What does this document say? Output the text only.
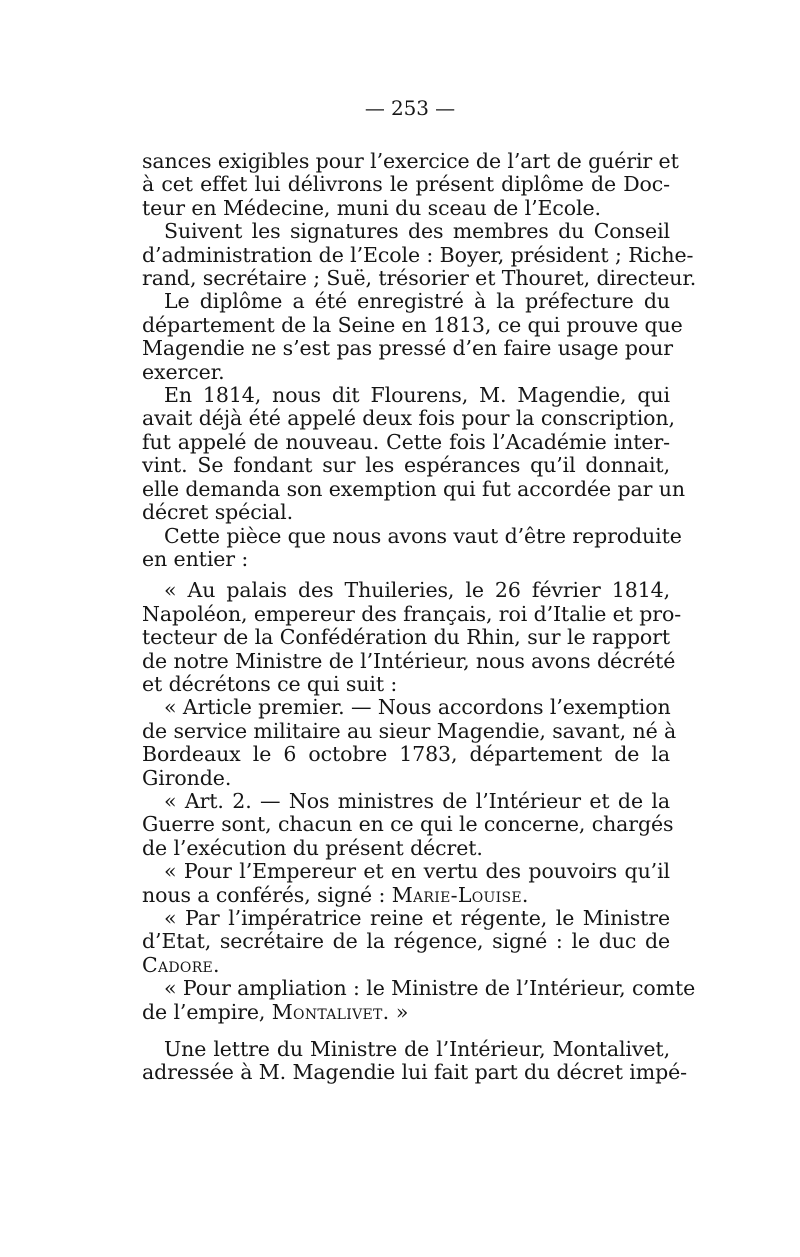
— 253 —
sances exigibles pour l’exercice de l’art de guérir et
à cet effet lui délivrons le présent diplôme de Doc-
teur en Médecine, muni du sceau de l’Ecole.
Suivent les signatures des membres du Conseil
d’administration de l’Ecole : Boyer, président ; Riche-
rand, secrétaire ; Suë, trésorier et Thouret, directeur.
Le diplôme a été enregistré à la préfecture du
département de la Seine en 1813, ce qui prouve que
Magendie ne s’est pas pressé d’en faire usage pour
exercer.
En 1814, nous dit Flourens, M. Magendie, qui
avait déjà été appelé deux fois pour la conscription,
fut appelé de nouveau. Cette fois l’Académie inter-
vint. Se fondant sur les espérances qu’il donnait,
elle demanda son exemption qui fut accordée par un
décret spécial.
Cette pièce que nous avons vaut d’être reproduite
en entier :
« Au palais des Thuileries, le 26 février 1814,
Napoléon, empereur des français, roi d’Italie et pro-
tecteur de la Confédération du Rhin, sur le rapport
de notre Ministre de l’Intérieur, nous avons décrété
et décrétons ce qui suit :
« Article premier. — Nous accordons l’exemption
de service militaire au sieur Magendie, savant, né à
Bordeaux le 6 octobre 1783, département de la
Gironde.
« Art. 2. — Nos ministres de l’Intérieur et de la
Guerre sont, chacun en ce qui le concerne, chargés
de l’exécution du présent décret.
« Pour l’Empereur et en vertu des pouvoirs qu’il
nous a conférés, signé : Marie-Louise.
« Par l’impératrice reine et régente, le Ministre
d’Etat, secrétaire de la régence, signé : le duc de
Cadore.
« Pour ampliation : le Ministre de l’Intérieur, comte
de l’empire, Montalivet. »
Une lettre du Ministre de l’Intérieur, Montalivet,
adressée à M. Magendie lui fait part du décret impé-
